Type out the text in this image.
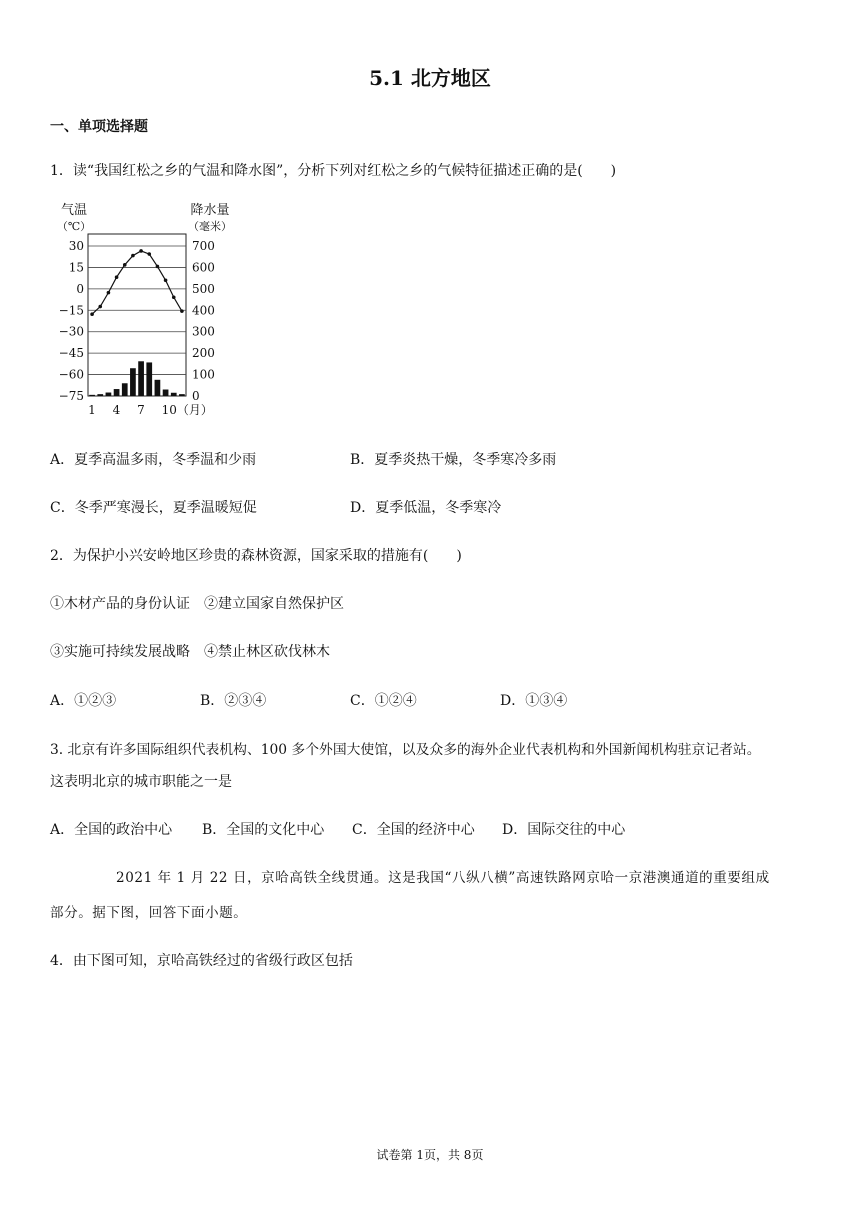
5.1 北方地区
一、单项选择题
1．读“我国红松之乡的气温和降水图”，分析下列对红松之乡的气候特征描述正确的是(　　)
气温
（℃）
降水量
（毫米）
30	700
15	600
0	500
−15	400
−30	300
−45	200
−60	100
−75	0
1 4 7 10（月）
A．夏季高温多雨，冬季温和少雨	B．夏季炎热干燥，冬季寒冷多雨
C．冬季严寒漫长，夏季温暖短促	D．夏季低温，冬季寒冷
2．为保护小兴安岭地区珍贵的森林资源，国家采取的措施有(　　)
①木材产品的身份认证　②建立国家自然保护区
③实施可持续发展战略　④禁止林区砍伐林木
A．①②③	B．②③④	C．①②④	D．①③④
3. 北京有许多国际组织代表机构、100 多个外国大使馆，以及众多的海外企业代表机构和外国新闻机构驻京记者站。
这表明北京的城市职能之一是
A．全国的政治中心 B．全国的文化中心 C．全国的经济中心 D．国际交往的中心
2021 年 1 月 22 日，京哈高铁全线贯通。这是我国“八纵八横”高速铁路网京哈一京港澳通道的重要组成
部分。据下图，回答下面小题。
4．由下图可知，京哈高铁经过的省级行政区包括
试卷第 1页，共 8页
